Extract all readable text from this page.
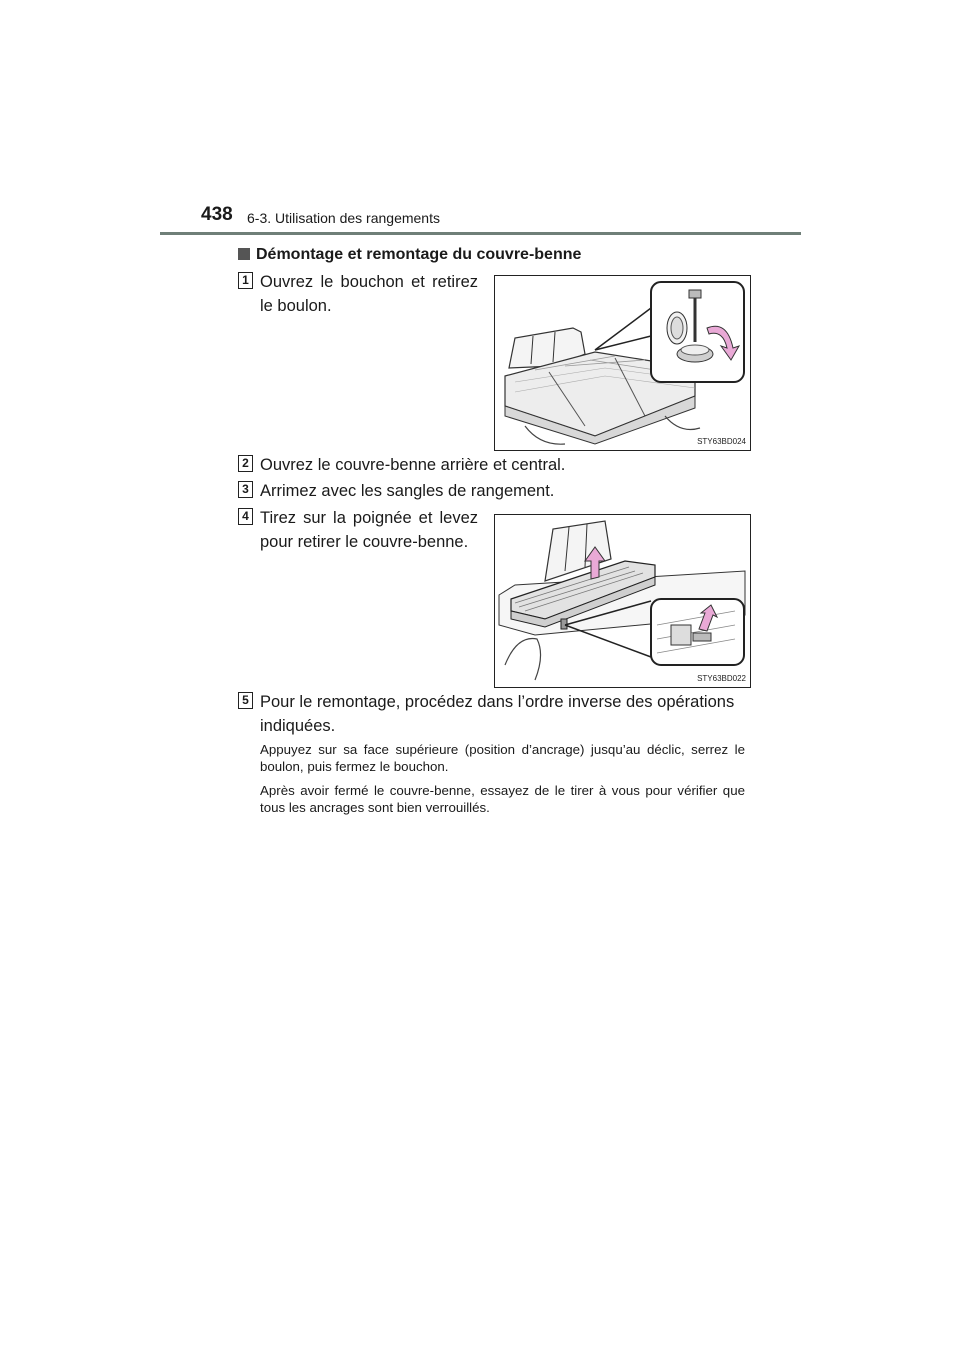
438 6-3. Utilisation des rangements
Démontage et remontage du couvre-benne
1 Ouvrez le bouchon et retirez le boulon.
STY63BD024
2 Ouvrez le couvre-benne arrière et central.
3 Arrimez avec les sangles de rangement.
4 Tirez sur la poignée et levez pour retirer le couvre-benne.
STY63BD022
5 Pour le remontage, procédez dans l’ordre inverse des opérations indiquées.
Appuyez sur sa face supérieure (position d’ancrage) jusqu’au déclic, serrez le boulon, puis fermez le bouchon.
Après avoir fermé le couvre-benne, essayez de le tirer à vous pour vérifier que tous les ancrages sont bien verrouillés.
